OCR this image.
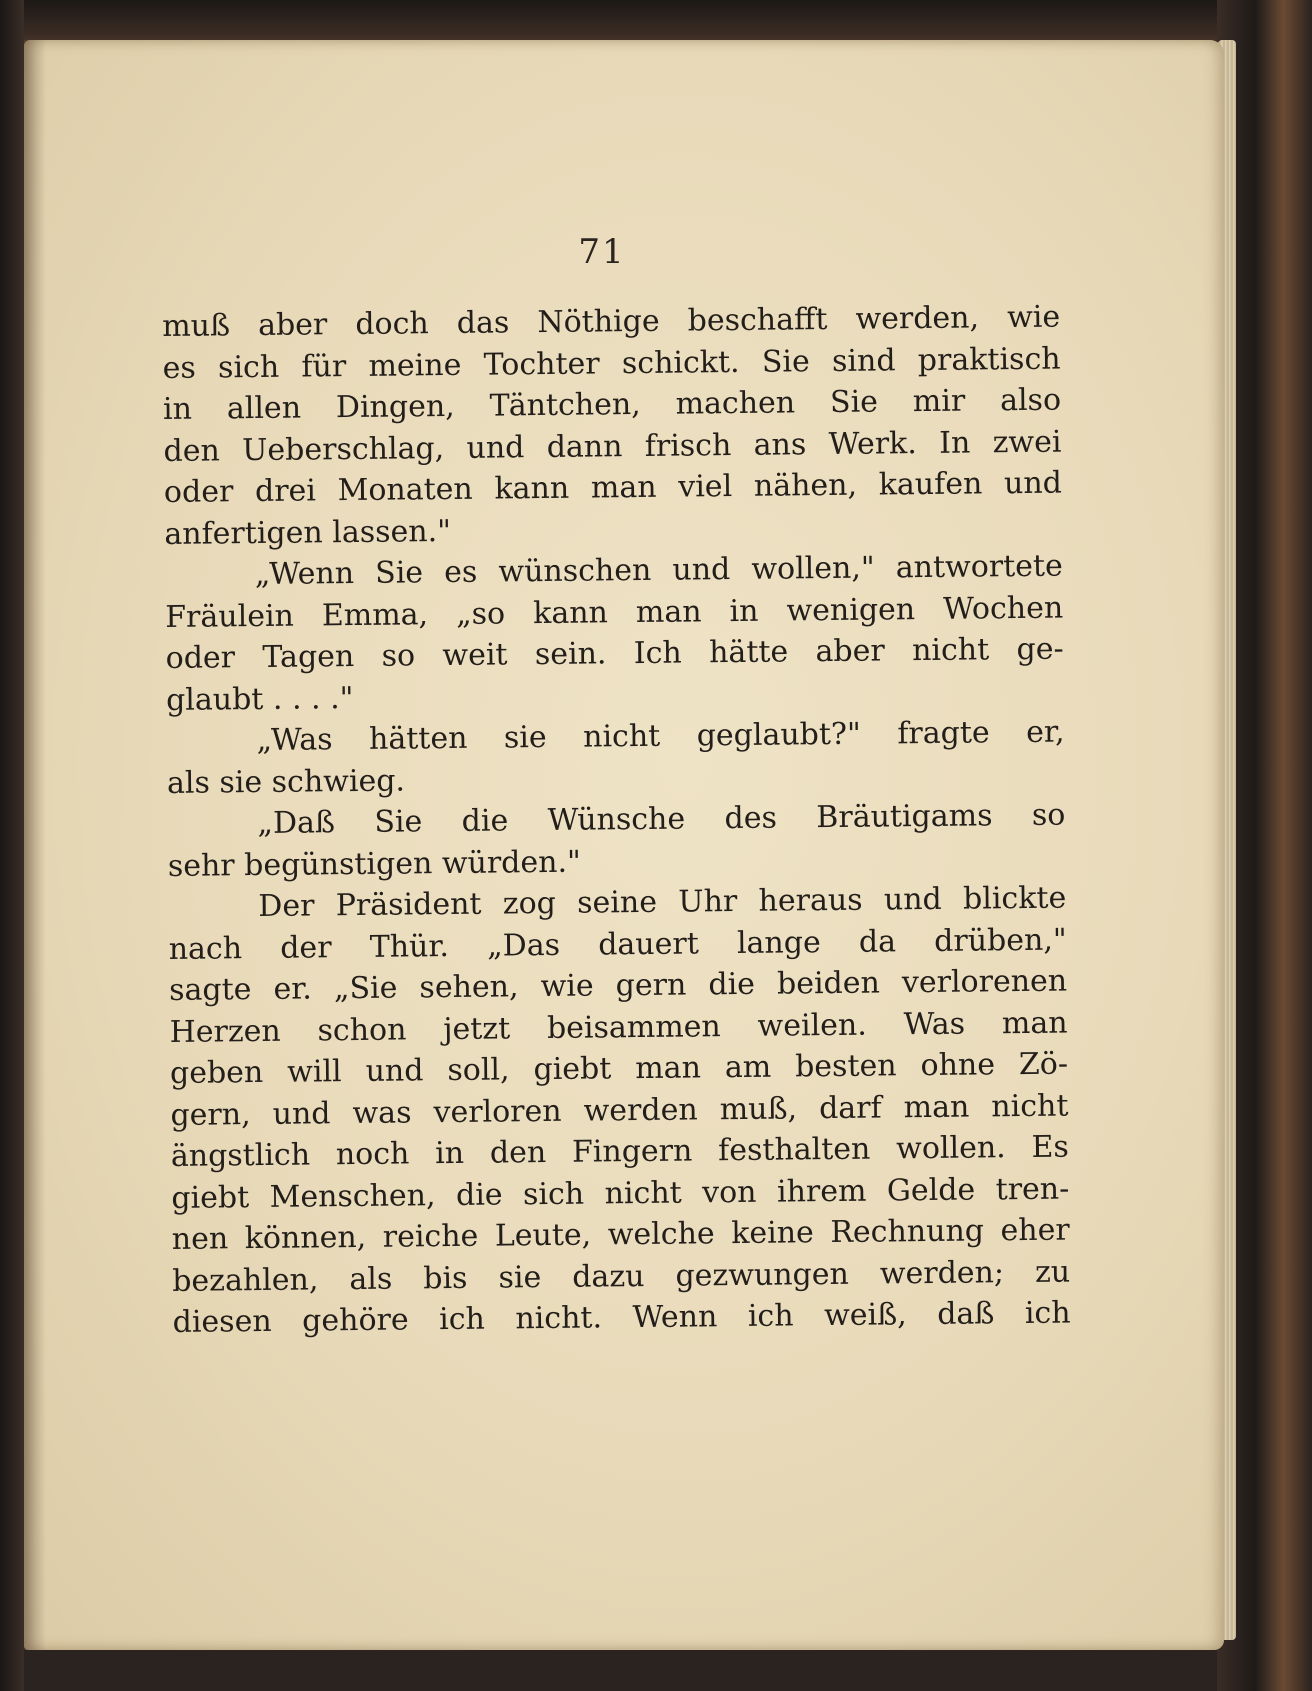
71
muß aber doch das Nöthige beschafft werden, wie
es sich für meine Tochter schickt. Sie sind praktisch
in allen Dingen, Täntchen, machen Sie mir also
den Ueberschlag, und dann frisch ans Werk. In zwei
oder drei Monaten kann man viel nähen, kaufen und
anfertigen lassen."
„Wenn Sie es wünschen und wollen," antwortete
Fräulein Emma, „so kann man in wenigen Wochen
oder Tagen so weit sein. Ich hätte aber nicht ge-
glaubt . . . ."
„Was hätten sie nicht geglaubt?" fragte er,
als sie schwieg.
„Daß Sie die Wünsche des Bräutigams so
sehr begünstigen würden."
Der Präsident zog seine Uhr heraus und blickte
nach der Thür. „Das dauert lange da drüben,"
sagte er. „Sie sehen, wie gern die beiden verlorenen
Herzen schon jetzt beisammen weilen. Was man
geben will und soll, giebt man am besten ohne Zö-
gern, und was verloren werden muß, darf man nicht
ängstlich noch in den Fingern festhalten wollen. Es
giebt Menschen, die sich nicht von ihrem Gelde tren-
nen können, reiche Leute, welche keine Rechnung eher
bezahlen, als bis sie dazu gezwungen werden; zu
diesen gehöre ich nicht. Wenn ich weiß, daß ich
